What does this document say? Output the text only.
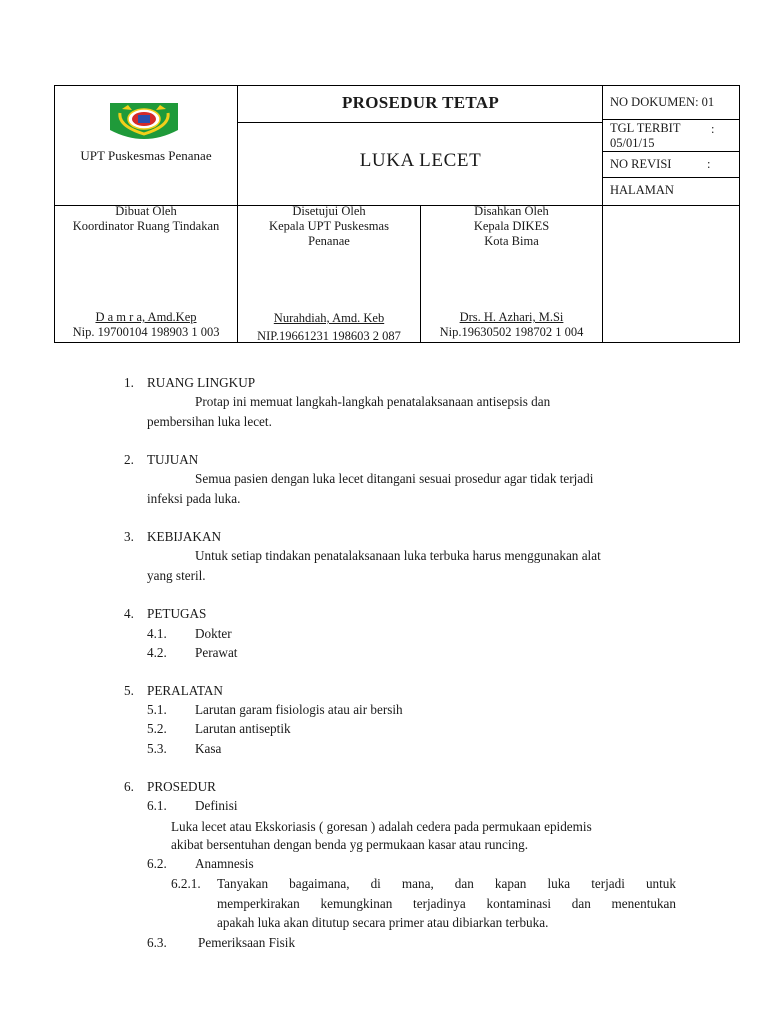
UPT Puskesmas Penanae
PROSEDUR TETAP
LUKA LECET
NO DOKUMEN: 01
TGL TERBIT :
05/01/15
NO REVISI	:
HALAMAN
Dibuat Oleh
Koordinator Ruang Tindakan
D a m r a, Amd.Kep
Nip. 19700104 198903 1 003
Disetujui Oleh
Kepala UPT Puskesmas
Penanae
Nurahdiah, Amd. Keb
NIP.19661231 198603 2 087
Disahkan Oleh
Kepala DIKES
Kota Bima
Drs. H. Azhari, M.Si
Nip.19630502 198702 1 004
1. RUANG LINGKUP
Protap ini memuat langkah-langkah penatalaksanaan antisepsis dan
pembersihan luka lecet.
2. TUJUAN
Semua pasien dengan luka lecet ditangani sesuai prosedur agar tidak terjadi
infeksi pada luka.
3. KEBIJAKAN
Untuk setiap tindakan penatalaksanaan luka terbuka harus menggunakan alat
yang steril.
4. PETUGAS
4.1. Dokter
4.2. Perawat
5. PERALATAN
5.1. Larutan garam fisiologis atau air bersih
5.2. Larutan antiseptik
5.3. Kasa
6. PROSEDUR
6.1. Definisi
Luka lecet atau Ekskoriasis ( goresan ) adalah cedera pada permukaan epidemis
akibat bersentuhan dengan benda yg permukaan kasar atau runcing.
6.2. Anamnesis
6.2.1. Tanyakan bagaimana, di mana, dan kapan luka terjadi untuk
memperkirakan kemungkinan terjadinya kontaminasi dan menentukan
apakah luka akan ditutup secara primer atau dibiarkan terbuka.
6.3. Pemeriksaan Fisik
